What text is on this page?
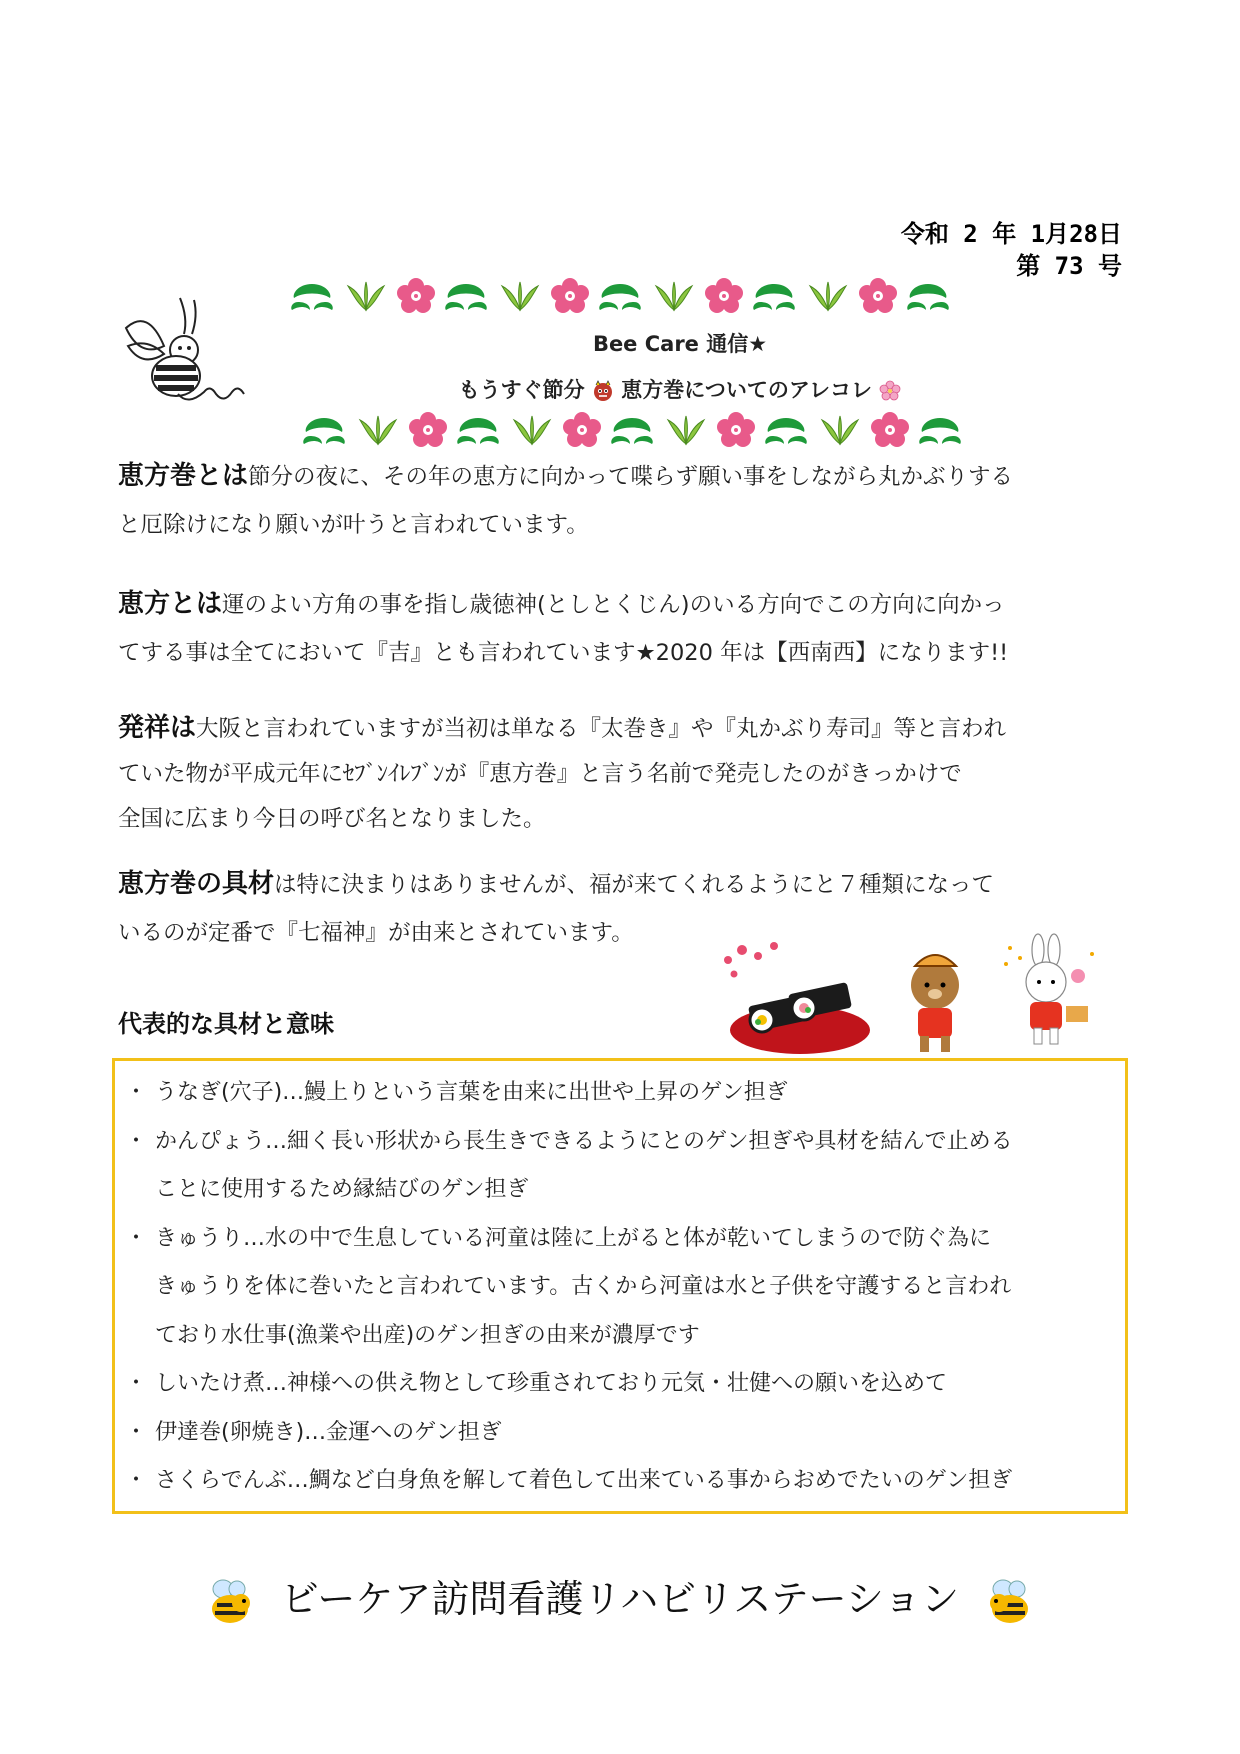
令和 2 年 1月28日
第 73 号
Bee Care 通信★
もうすぐ節分 恵方巻についてのアレコレ
恵方巻とは節分の夜に、その年の恵方に向かって喋らず願い事をしながら丸かぶりする
と厄除けになり願いが叶うと言われています。
恵方とは運のよい方角の事を指し歳徳神(としとくじん)のいる方向でこの方向に向かっ
てする事は全てにおいて『吉』とも言われています★2020 年は【西南西】になります!!
発祥は大阪と言われていますが当初は単なる『太巻き』や『丸かぶり寿司』等と言われ
ていた物が平成元年にｾﾌﾞﾝｲﾚﾌﾞﾝが『恵方巻』と言う名前で発売したのがきっかけで
全国に広まり今日の呼び名となりました。
恵方巻の具材は特に決まりはありませんが、福が来てくれるようにと７種類になって
いるのが定番で『七福神』が由来とされています。
代表的な具材と意味
・ うなぎ(穴子)…鰻上りという言葉を由来に出世や上昇のゲン担ぎ
・ かんぴょう…細く長い形状から長生きできるようにとのゲン担ぎや具材を結んで止める
ことに使用するため縁結びのゲン担ぎ
・ きゅうり…水の中で生息している河童は陸に上がると体が乾いてしまうので防ぐ為に
きゅうりを体に巻いたと言われています。古くから河童は水と子供を守護すると言われ
ており水仕事(漁業や出産)のゲン担ぎの由来が濃厚です
・ しいたけ煮…神様への供え物として珍重されており元気・壮健への願いを込めて
・ 伊達巻(卵焼き)…金運へのゲン担ぎ
・ さくらでんぶ…鯛など白身魚を解して着色して出来ている事からおめでたいのゲン担ぎ
ビーケア訪問看護リハビリステーション
